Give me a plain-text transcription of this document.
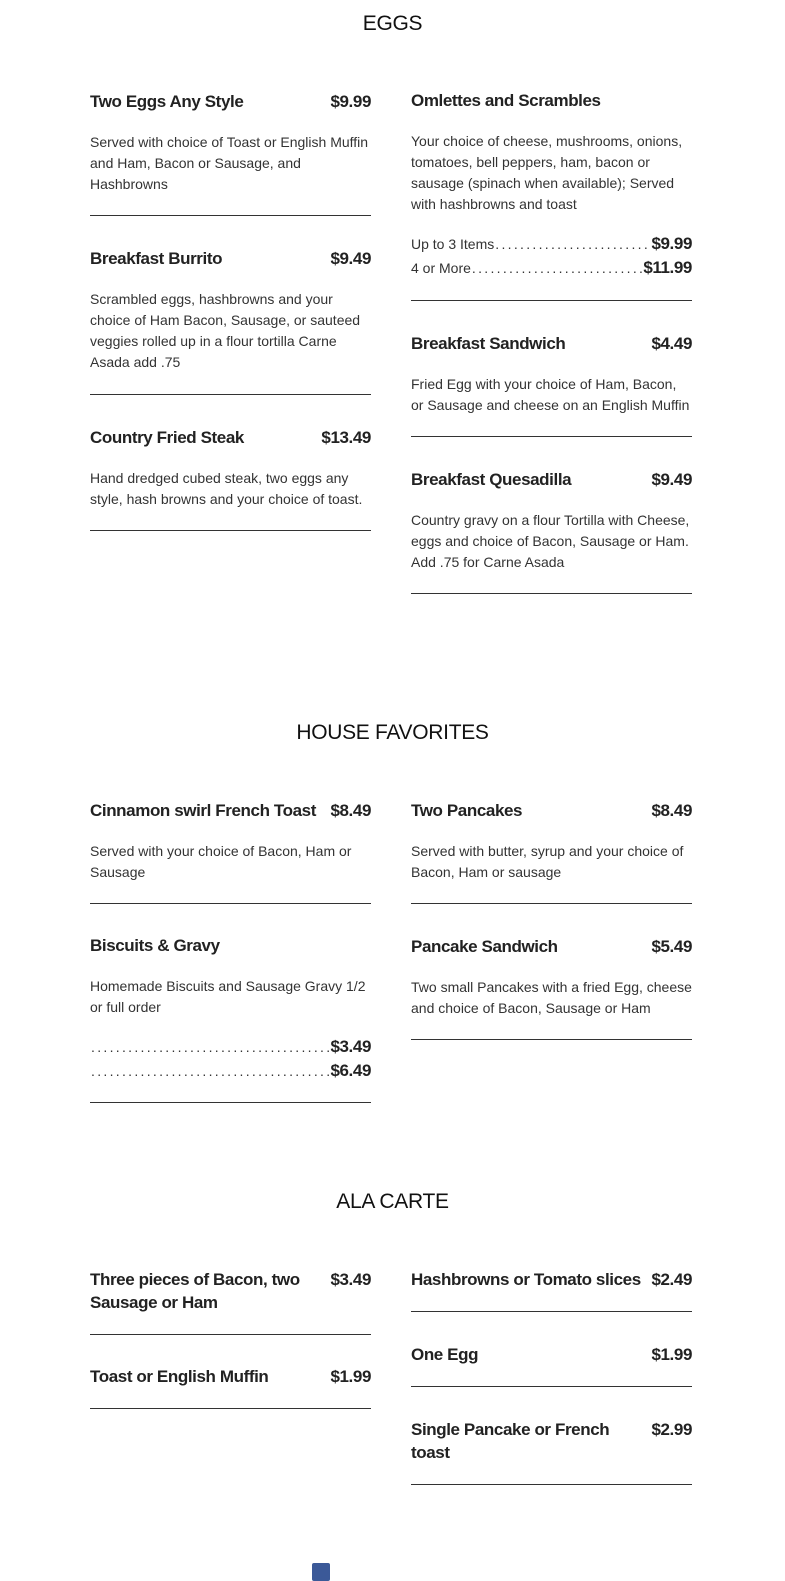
EGGS
Two Eggs Any Style	$9.99
Served with choice of Toast or English Muffin and Ham, Bacon or Sausage, and Hashbrowns
Breakfast Burrito	$9.49
Scrambled eggs, hashbrowns and your choice of Ham Bacon, Sausage, or sauteed veggies rolled up in a flour tortilla Carne Asada add .75
Country Fried Steak	$13.49
Hand dredged cubed steak, two eggs any style, hash browns and your choice of toast.
Omlettes and Scrambles
Your choice of cheese, mushrooms, onions, tomatoes, bell peppers, ham, bacon or sausage (spinach when available); Served with hashbrowns and toast
Up to 3 Items .....	$9.99
4 or More .....	$11.99
Breakfast Sandwich	$4.49
Fried Egg with your choice of Ham, Bacon, or Sausage and cheese on an English Muffin
Breakfast Quesadilla	$9.49
Country gravy on a flour Tortilla with Cheese, eggs and choice of Bacon, Sausage or Ham. Add .75 for Carne Asada
HOUSE FAVORITES
Cinnamon swirl French Toast $8.49
Served with your choice of Bacon, Ham or Sausage
Biscuits & Gravy
Homemade Biscuits and Sausage Gravy 1/2 or full order
.....
$3.49
.....
$6.49
Two Pancakes	$8.49
Served with butter, syrup and your choice of Bacon, Ham or sausage
Pancake Sandwich	$5.49
Two small Pancakes with a fried Egg, cheese and choice of Bacon, Sausage or Ham
ALA CARTE
Three pieces of Bacon, two Sausage or Ham
$3.49
Toast or English Muffin	$1.99
Hashbrowns or Tomato slices $2.49
One Egg	$1.99
Single Pancake or French toast
$2.99
